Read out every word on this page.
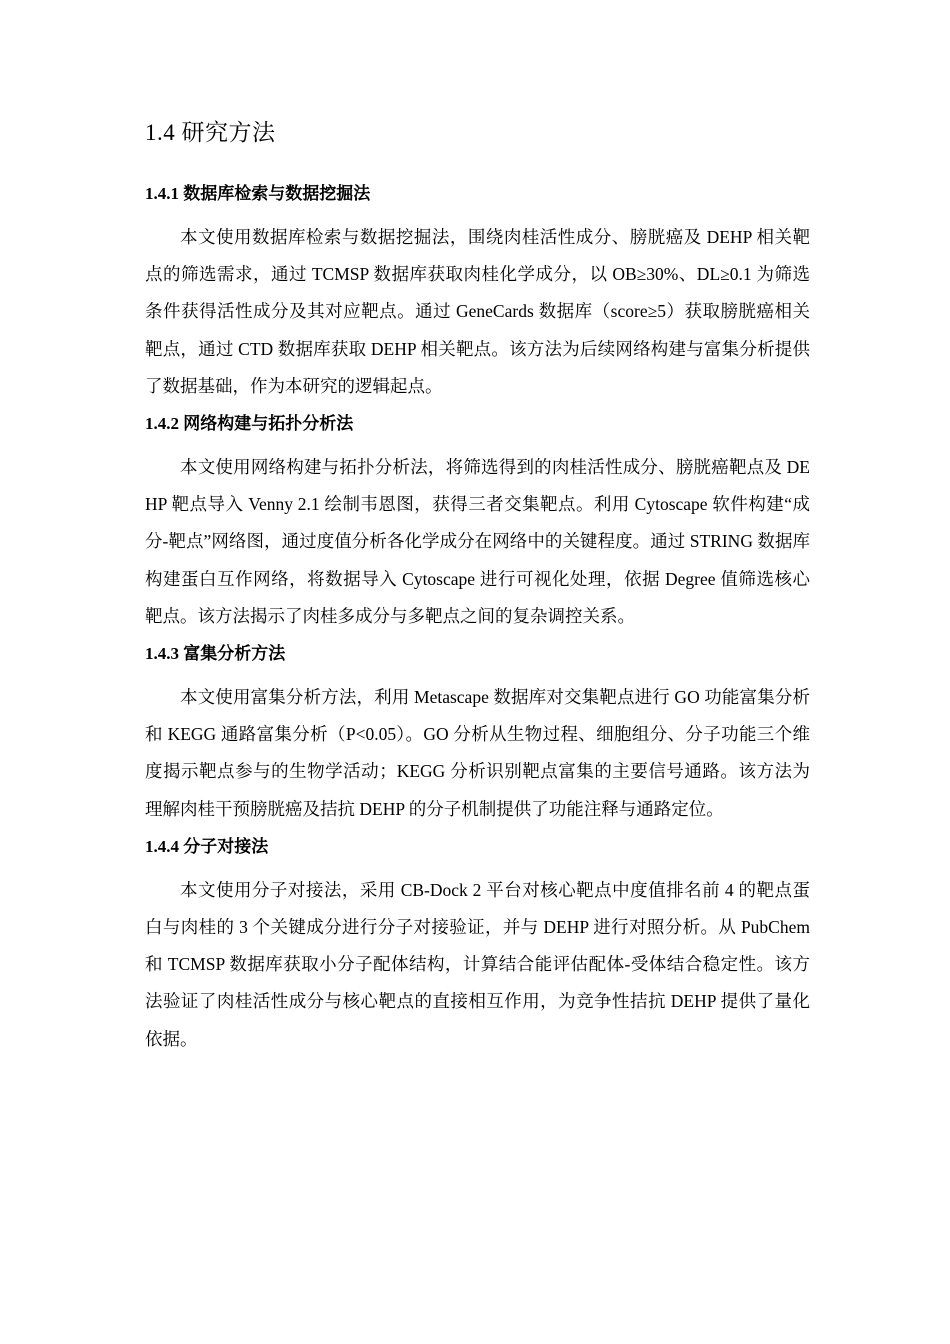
1.4 研究方法
1.4.1 数据库检索与数据挖掘法

本文使用数据库检索与数据挖掘法，围绕肉桂活性成分、膀胱癌及 DEHP 相关靶点的筛选需求，通过 TCMSP 数据库获取肉桂化学成分，以 OB≥30%、DL≥0.1 为筛选条件获得活性成分及其对应靶点。通过 GeneCards 数据库（score≥5）获取膀胱癌相关靶点，通过 CTD 数据库获取 DEHP 相关靶点。该方法为后续网络构建与富集分析提供了数据基础，作为本研究的逻辑起点。

1.4.2 网络构建与拓扑分析法

本文使用网络构建与拓扑分析法，将筛选得到的肉桂活性成分、膀胱癌靶点及 DEHP 靶点导入 Venny 2.1 绘制韦恩图，获得三者交集靶点。利用 Cytoscape 软件构建“成分-靶点”网络图，通过度值分析各化学成分在网络中的关键程度。通过 STRING 数据库构建蛋白互作网络，将数据导入 Cytoscape 进行可视化处理，依据 Degree 值筛选核心靶点。该方法揭示了肉桂多成分与多靶点之间的复杂调控关系。

1.4.3 富集分析方法

本文使用富集分析方法，利用 Metascape 数据库对交集靶点进行 GO 功能富集分析和 KEGG 通路富集分析（P<0.05）。GO 分析从生物过程、细胞组分、分子功能三个维度揭示靶点参与的生物学活动；KEGG 分析识别靶点富集的主要信号通路。该方法为理解肉桂干预膀胱癌及拮抗 DEHP 的分子机制提供了功能注释与通路定位。

1.4.4 分子对接法

本文使用分子对接法，采用 CB-Dock 2 平台对核心靶点中度值排名前 4 的靶点蛋白与肉桂的 3 个关键成分进行分子对接验证，并与 DEHP 进行对照分析。从 PubChem 和 TCMSP 数据库获取小分子配体结构，计算结合能评估配体-受体结合稳定性。该方法验证了肉桂活性成分与核心靶点的直接相互作用，为竞争性拮抗 DEHP 提供了量化依据。
